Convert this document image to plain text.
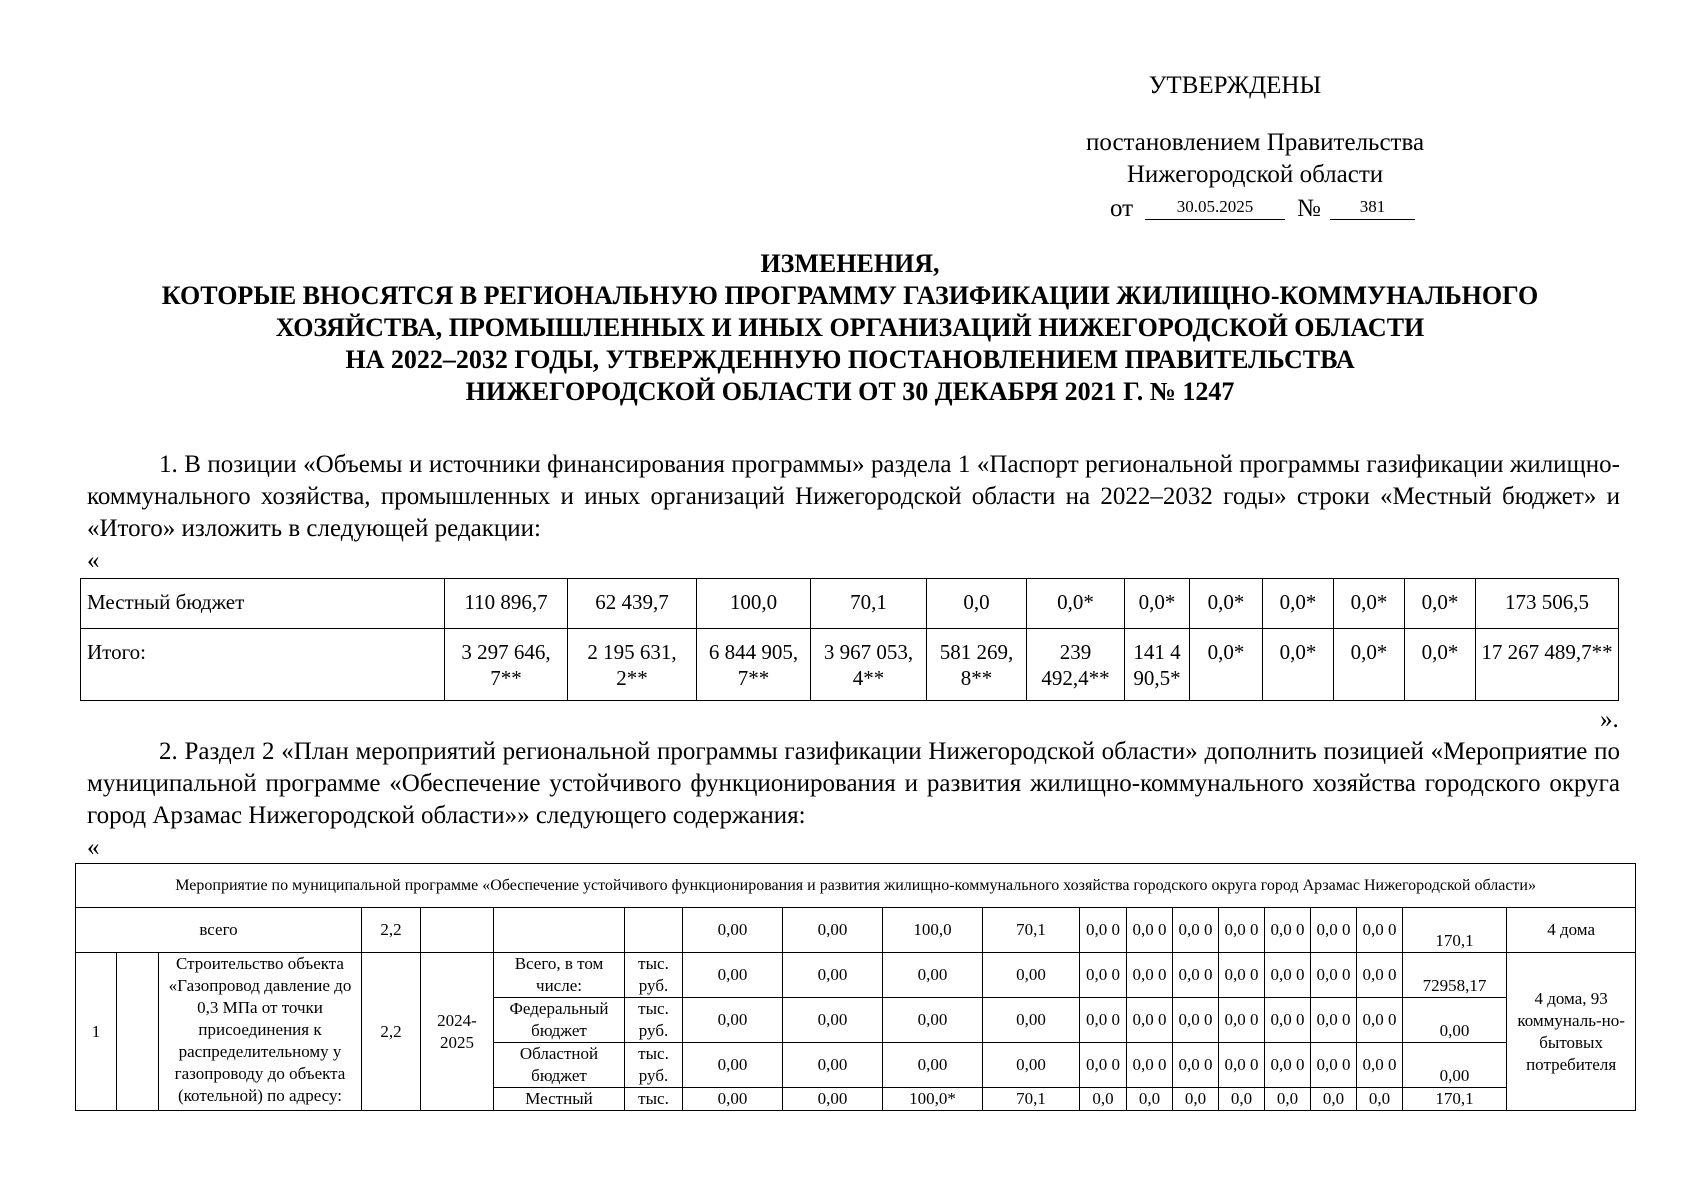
УТВЕРЖДЕНЫ
постановлением Правительства
Нижегородской области
от	30.05.2025	№	381
ИЗМЕНЕНИЯ,
КОТОРЫЕ ВНОСЯТСЯ В РЕГИОНАЛЬНУЮ ПРОГРАММУ ГАЗИФИКАЦИИ ЖИЛИЩНО-КОММУНАЛЬНОГО
ХОЗЯЙСТВА, ПРОМЫШЛЕННЫХ И ИНЫХ ОРГАНИЗАЦИЙ НИЖЕГОРОДСКОЙ ОБЛАСТИ
НА 2022–2032 ГОДЫ, УТВЕРЖДЕННУЮ ПОСТАНОВЛЕНИЕМ ПРАВИТЕЛЬСТВА
НИЖЕГОРОДСКОЙ ОБЛАСТИ ОТ 30 ДЕКАБРЯ 2021 Г. № 1247
1. В позиции «Объемы и источники финансирования программы» раздела 1 «Паспорт региональной программы газификации жилищно-коммунального хозяйства, промышленных и иных организаций Нижегородской области на 2022–2032 годы» строки «Местный бюджет» и «Итого» изложить в следующей редакции:
«
Местный бюджет	110 896,7	62 439,7	100,0	70,1	0,0	0,0*	0,0*	0,0*	0,0*	0,0*	0,0*	173 506,5
Итого:	3 297 646, 7**	2 195 631, 2**	6 844 905, 7**	3 967 053, 4**	581 269, 8**	239 492,4**	141 4 90,5*	0,0*	0,0*	0,0*	0,0*	17 267 489,7**
».
2. Раздел 2 «План мероприятий региональной программы газификации Нижегородской области» дополнить позицией «Мероприятие по муниципальной программе «Обеспечение устойчивого функционирования и развития жилищно-коммунального хозяйства городского округа город Арзамас Нижегородской области»» следующего содержания:
«
Мероприятие по муниципальной программе «Обеспечение устойчивого функционирования и развития жилищно-коммунального хозяйства городского округа город Арзамас Нижегородской области»																			
всего			2,2				0,00	0,00	100,0	70,1	0,0 0	0,0 0	0,0 0	0,0 0	0,0 0	0,0 0	0,0 0	170,1	4 дома
1		Строительство объекта «Газопровод давление до 0,3 МПа от точки присоединения к распределительному у газопроводу до объекта (котельной) по адресу:	2,2	2024-2025	Всего, в том числе:	тыс. руб.	0,00	0,00	0,00	0,00	0,0 0	0,0 0	0,0 0	0,0 0	0,0 0	0,0 0	0,0 0	72958,17	4 дома, 93 коммуналь-но-бытовых потребителя
					Федеральный бюджет	тыс. руб.	0,00	0,00	0,00	0,00	0,0 0	0,0 0	0,0 0	0,0 0	0,0 0	0,0 0	0,0 0	0,00	
					Областной бюджет	тыс. руб.	0,00	0,00	0,00	0,00	0,0 0	0,0 0	0,0 0	0,0 0	0,0 0	0,0 0	0,0 0	0,00	
					Местный	тыс.	0,00	0,00	100,0*	70,1	0,0	0,0	0,0	0,0	0,0	0,0	0,0	170,1	
